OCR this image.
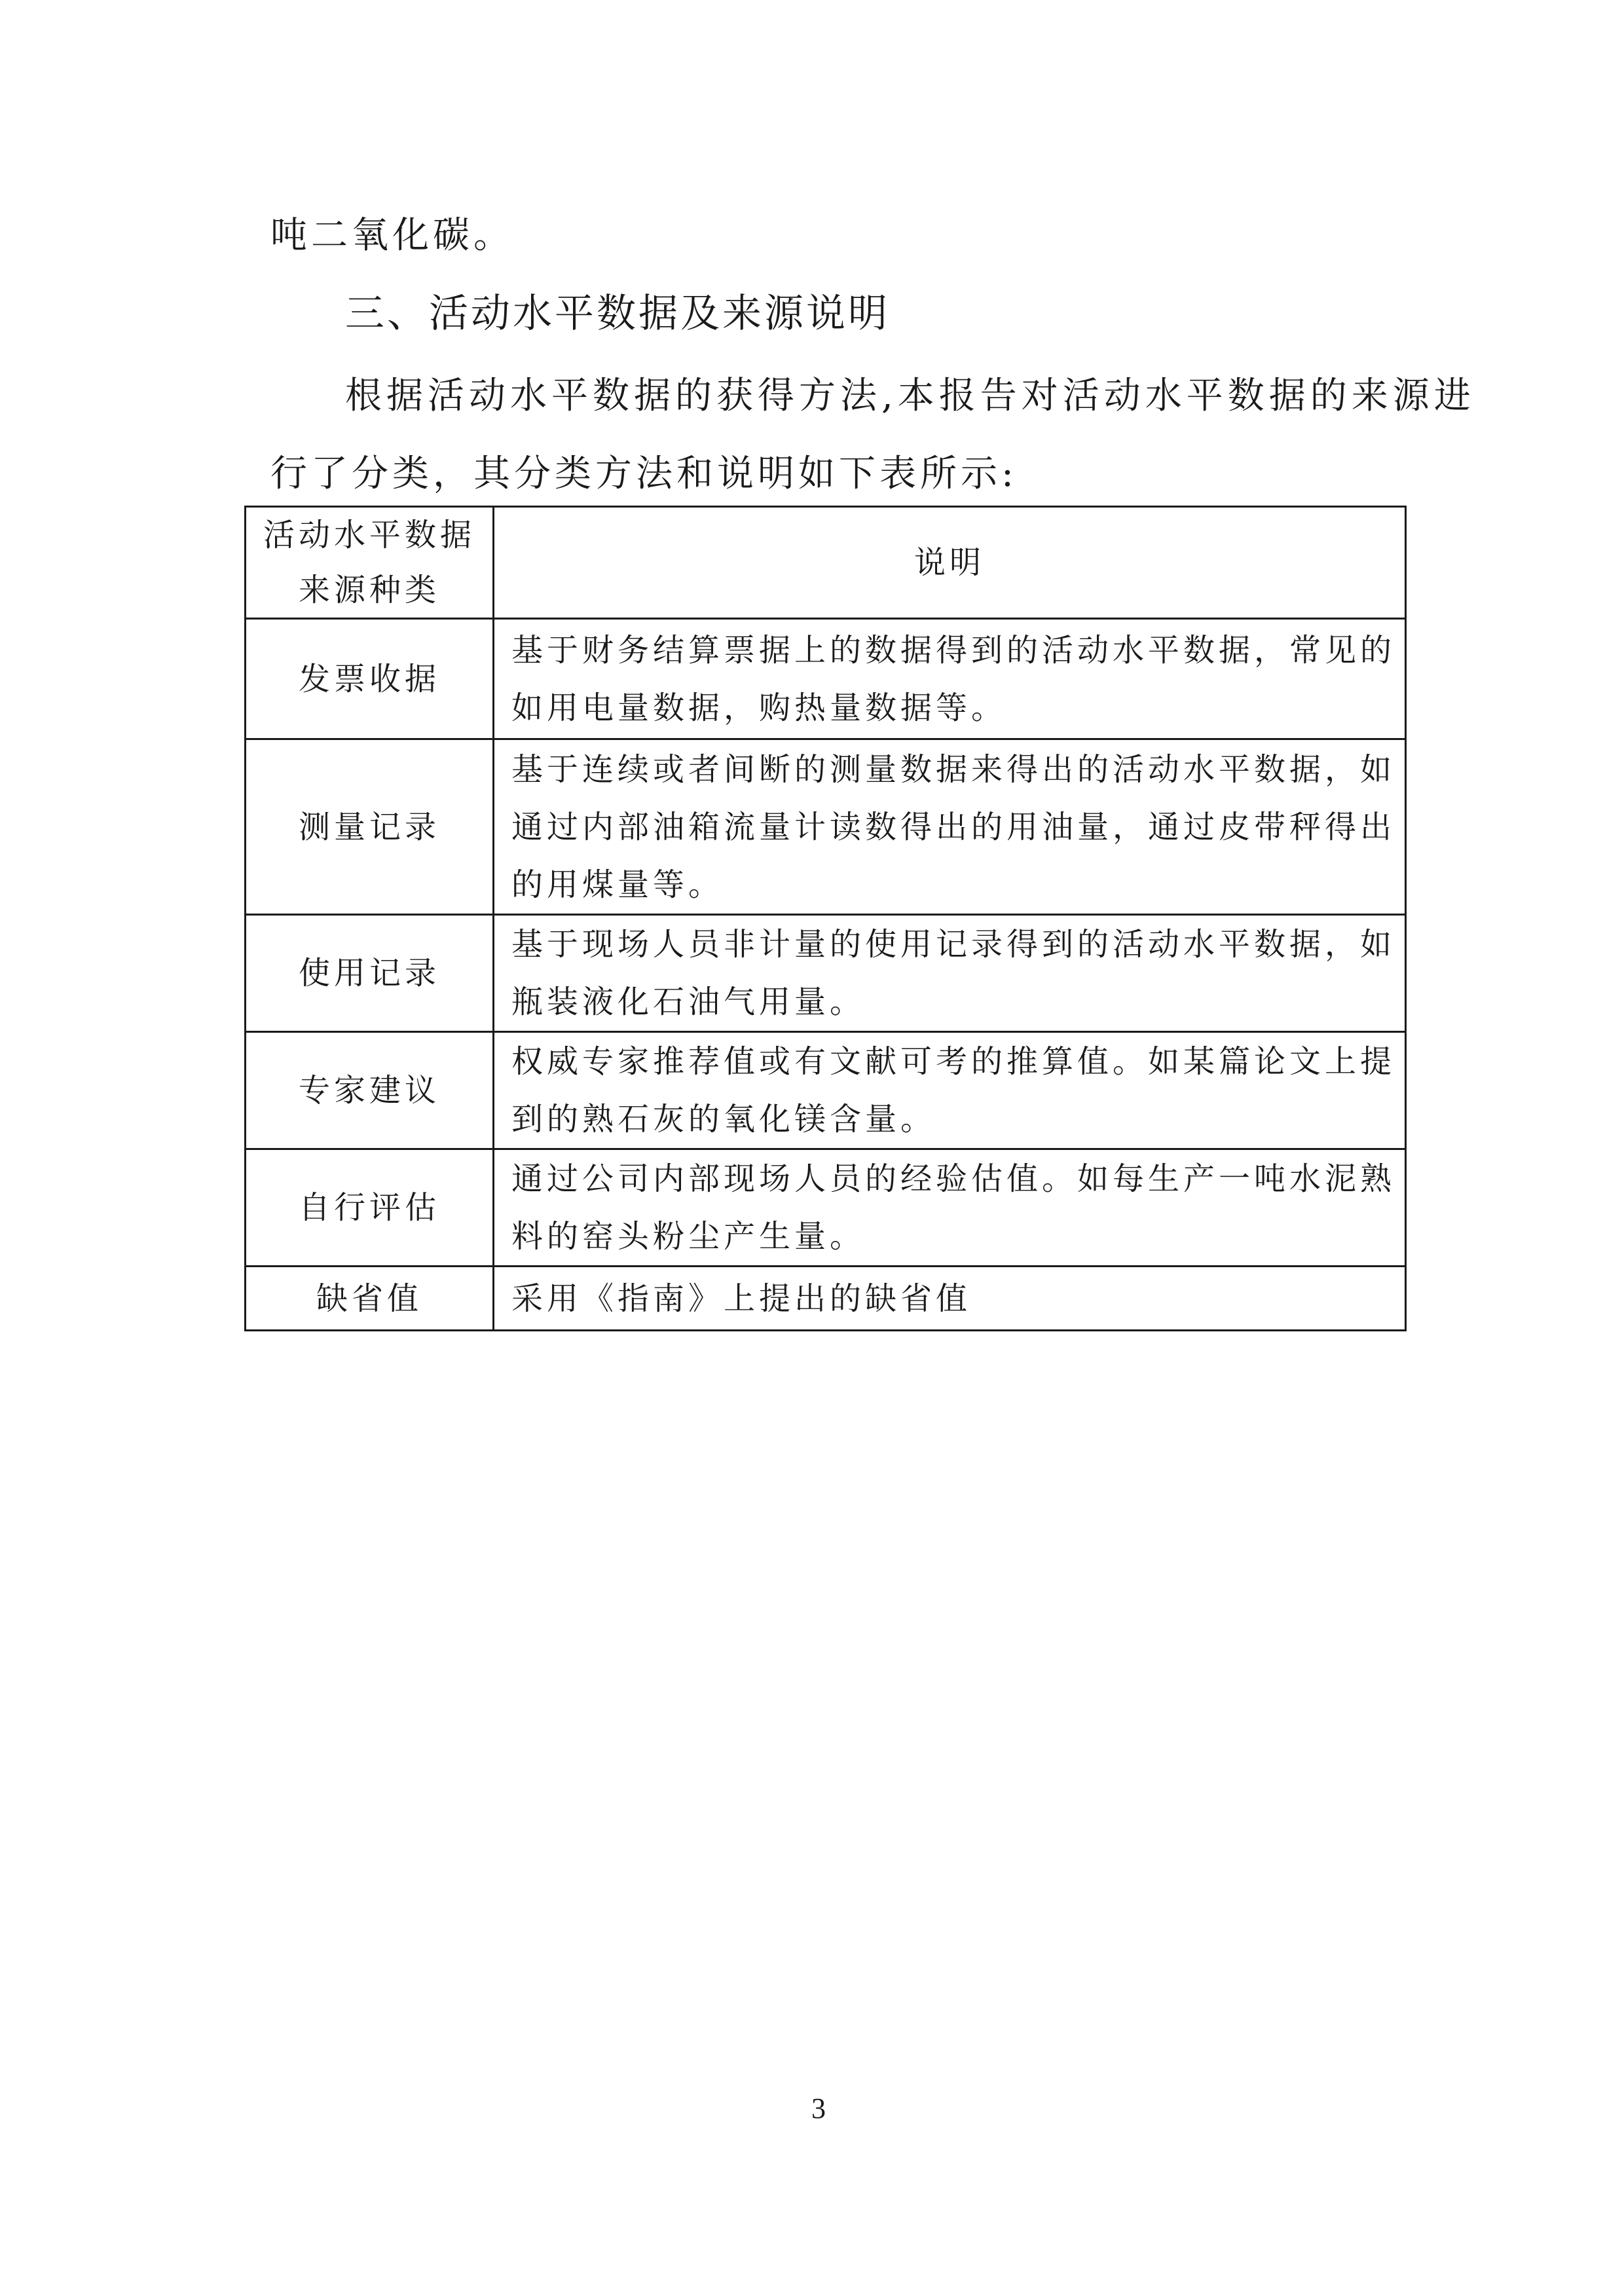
吨二氧化碳。
三、活动水平数据及来源说明
根据活动水平数据的获得方法,本报告对活动水平数据的来源进
行了分类，其分类方法和说明如下表所示:
活动水平数据
来源种类	说明
发票收据	基于财务结算票据上的数据得到的活动水平数据，常见的如用电量数据，购热量数据等。
测量记录	基于连续或者间断的测量数据来得出的活动水平数据，如通过内部油箱流量计读数得出的用油量，通过皮带秤得出的用煤量等。
使用记录	基于现场人员非计量的使用记录得到的活动水平数据，如瓶装液化石油气用量。
专家建议	权威专家推荐值或有文献可考的推算值。如某篇论文上提到的熟石灰的氧化镁含量。
自行评估	通过公司内部现场人员的经验估值。如每生产一吨水泥熟料的窑头粉尘产生量。
缺省值	采用《指南》上提出的缺省值
3
